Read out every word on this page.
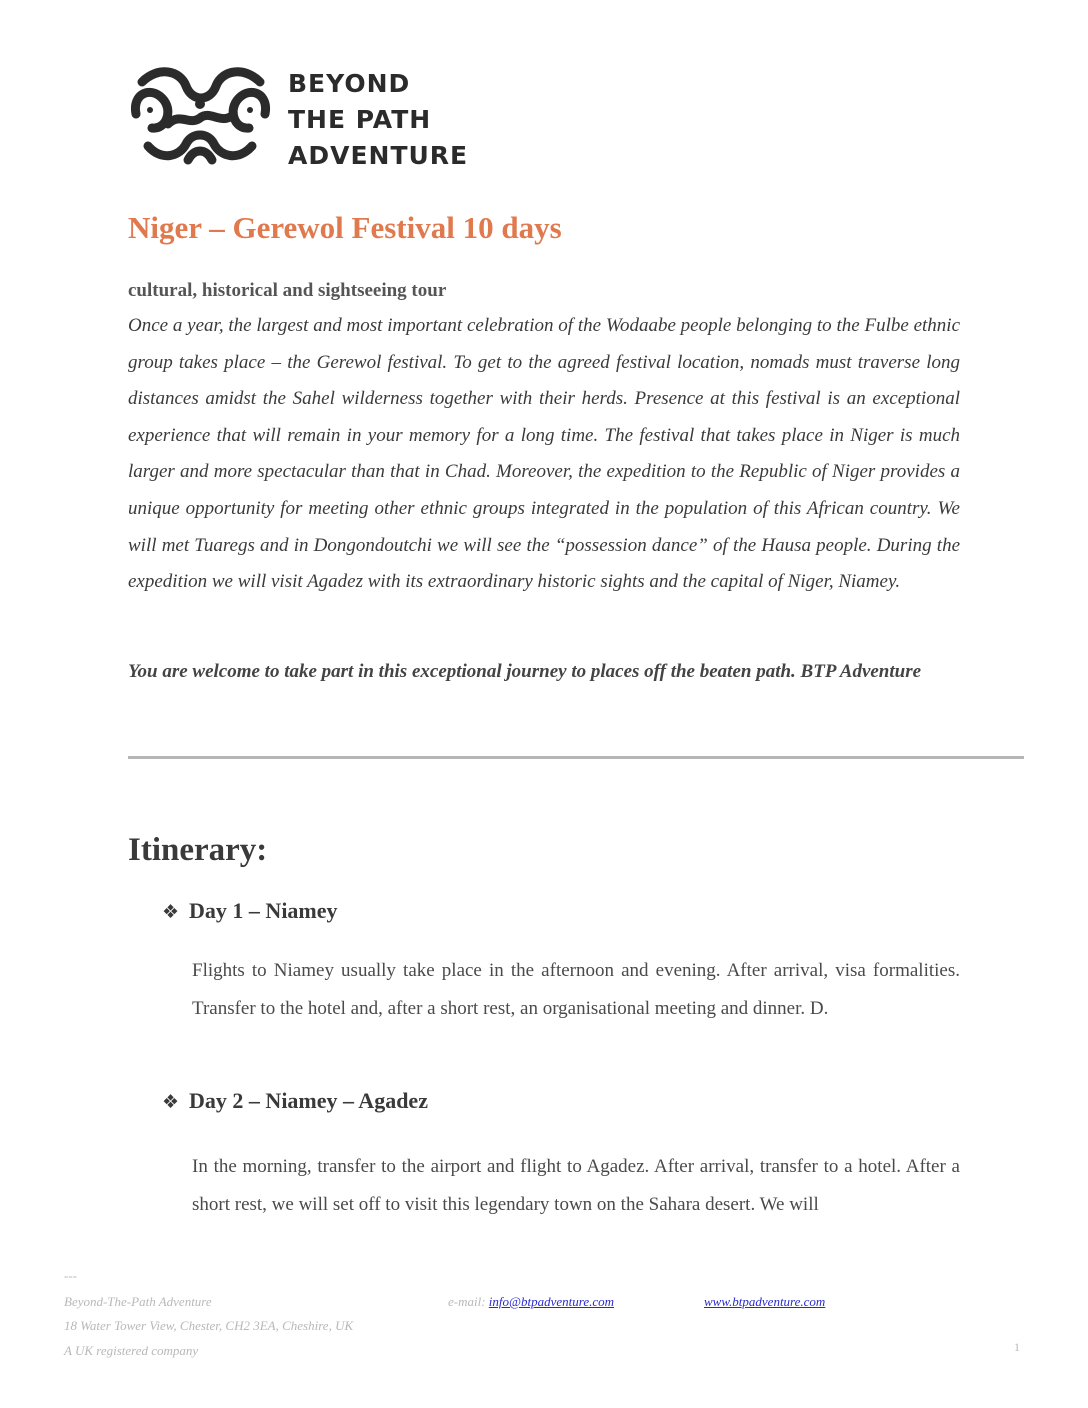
BEYOND
THE PATH
ADVENTURE
Niger – Gerewol Festival 10 days
cultural, historical and sightseeing tour
Once a year, the largest and most important celebration of the Wodaabe people belonging to the Fulbe ethnic group takes place – the Gerewol festival. To get to the agreed festival location, nomads must traverse long distances amidst the Sahel wilderness together with their herds. Presence at this festival is an exceptional experience that will remain in your memory for a long time. The festival that takes place in Niger is much larger and more spectacular than that in Chad. Moreover, the expedition to the Republic of Niger provides a unique opportunity for meeting other ethnic groups integrated in the population of this African country. We will met Tuaregs and in Dongondoutchi we will see the “possession dance” of the Hausa people. During the expedition we will visit Agadez with its extraordinary historic sights and the capital of Niger, Niamey.
You are welcome to take part in this exceptional journey to places off the beaten path. BTP Adventure
Itinerary:
❖ Day 1 – Niamey
Flights to Niamey usually take place in the afternoon and evening. After arrival, visa formalities. Transfer to the hotel and, after a short rest, an organisational meeting and dinner. D.
❖ Day 2 – Niamey – Agadez
In the morning, transfer to the airport and flight to Agadez. After arrival, transfer to a hotel. After a short rest, we will set off to visit this legendary town on the Sahara desert. We will
---
Beyond-The-Path Adventure	e-mail: info@btpadventure.com	www.btpadventure.com
18 Water Tower View, Chester, CH2 3EA, Cheshire, UK
A UK registered company	1
